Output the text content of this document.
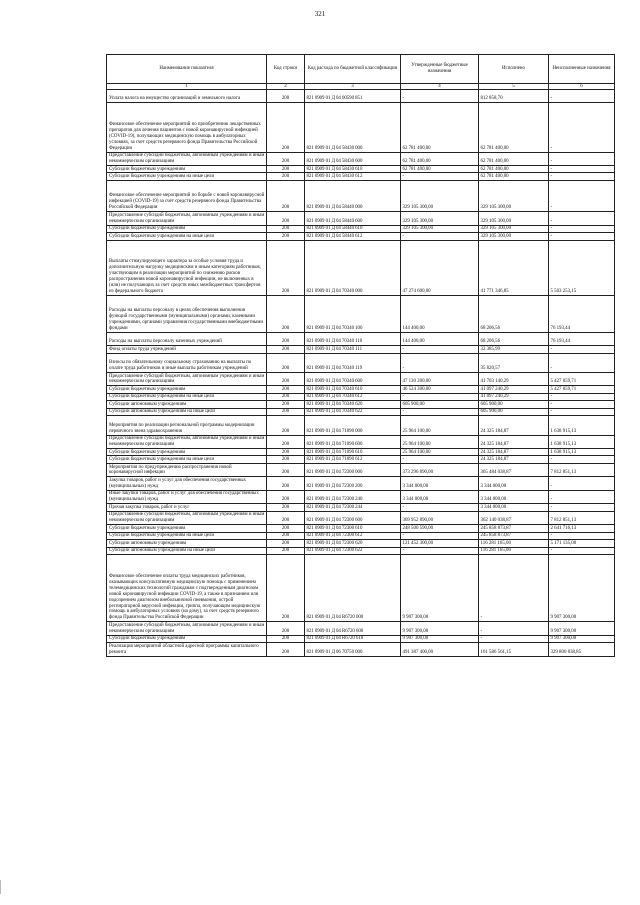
321
Наименование показателя	Код строки	Код расхода по бюджетной классификации	Утвержденные бюджетные назначения	Исполнено	Неисполненные назначения
1	2	3	4	5	6
Уплата налога на имущество организаций и земельного налога	200	821 0909 01 Д 04 00590 851	-	812 858,70	-
Финансовое обеспечение мероприятий по приобретению лекарственных препаратов для лечения пациентов с новой коронавирусной инфекцией (COVID-19), получающих медицинскую помощь в амбулаторных условиях, за счет средств резервного фонда Правительства Российской Федерации	200	821 0909 01 Д 04 58430 000	62 781 400,00	62 781 400,00	-
Предоставление субсидий бюджетным, автономным учреждениям и иным некоммерческим организациям	200	821 0909 01 Д 04 58430 600	62 781 400,00	62 781 400,00	-
Субсидии бюджетным учреждениям	200	821 0909 01 Д 04 58430 610	62 781 400,00	62 781 400,00	-
Субсидии бюджетным учреждениям на иные цели	200	821 0909 01 Д 04 58430 612	-	62 781 400,00	-
Финансовое обеспечение мероприятий по борьбе с новой коронавирусной инфекцией (COVID-19) за счет средств резервного фонда Правительства Российской Федерации	200	821 0909 01 Д 04 58440 000	329 105 300,00	329 105 300,00	-
Предоставление субсидий бюджетным, автономным учреждениям и иным некоммерческим организациям	200	821 0909 01 Д 04 58440 600	329 105 300,00	329 105 300,00	-
Субсидии бюджетным учреждениям	200	821 0909 01 Д 04 58440 610	329 105 300,00	329 105 300,00	-
Субсидии бюджетным учреждениям на иные цели	200	821 0909 01 Д 04 58440 612	-	329 105 300,00	-
Выплаты стимулирующего характера за особые условия труда и дополнительную нагрузку медицинским и иным категориям работников, участвующим в реализации мероприятий по снижению рисков распространения новой коронавирусной инфекции, не включенных в (или) не получающих за счет средств иных межбюджетных трансфертов из федерального бюджета	200	821 0909 01 Д 04 70340 000	47 274 600,00	41 771 346,85	5 503 253,15
Расходы на выплаты персоналу в целях обеспечения выполнения функций государственными (муниципальными) органами, казенными учреждениями, органами управления государственными внебюджетными фондами	200	821 0909 01 Д 04 70340 100	144 400,00	68 206,56	76 193,44
Расходы на выплаты персоналу казенных учреждений	200	821 0909 01 Д 04 70340 110	144 400,00	68 206,56	76 193,44
Фонд оплаты труда учреждений	200	821 0909 01 Д 04 70340 111	-	32 385,99	-
Взносы по обязательному социальному страхованию на выплаты по оплате труда работников и иные выплаты работникам учреждений	200	821 0909 01 Д 04 70340 119	-	35 820,57	-
Предоставление субсидий бюджетным, автономным учреждениям и иным некоммерческим организациям	200	821 0909 01 Д 04 70340 600	47 130 200,00	41 703 140,29	5 427 059,71
Субсидии бюджетным учреждениям	200	821 0909 01 Д 04 70340 610	46 524 300,00	41 097 240,29	5 427 059,71
Субсидии бюджетным учреждениям на иные цели	200	821 0909 01 Д 04 70340 612	-	41 097 240,29	-
Субсидии автономным учреждениям	200	821 0909 01 Д 04 70340 620	605 900,00	605 900,00	-
Субсидии автономным учреждениям на иные цели	200	821 0909 01 Д 04 70340 622	-	605 900,00	-
Мероприятия по реализации региональной программы модернизации первичного звена здравоохранения	200	821 0909 01 Д 04 71090 000	25 964 100,00	24 325 184,87	1 638 915,13
Предоставление субсидий бюджетным, автономным учреждениям и иным некоммерческим организациям	200	821 0909 01 Д 04 71090 600	25 964 100,00	24 325 184,87	1 638 915,13
Субсидии бюджетным учреждениям	200	821 0909 01 Д 04 71090 610	25 964 100,00	24 325 184,87	1 638 915,13
Субсидии бюджетным учреждениям на иные цели	200	821 0909 01 Д 04 71090 612	-	24 325 184,87	-
Мероприятия по предупреждению распространения новой коронавирусной инфекции	200	821 0909 01 Д 04 72300 000	373 296 890,00	365 484 038,87	7 812 851,13
Закупка товаров, работ и услуг для обеспечения государственных (муниципальных) нужд	200	821 0909 01 Д 04 72300 200	3 344 000,00	3 344 000,00	-
Иные закупки товаров, работ и услуг для обеспечения государственных (муниципальных) нужд	200	821 0909 01 Д 04 72300 240	3 344 000,00	3 344 000,00	-
Прочая закупка товаров, работ и услуг	200	821 0909 01 Д 04 72300 244	-	3 344 000,00	-
Предоставление субсидий бюджетным, автономным учреждениям и иным некоммерческим организациям	200	821 0909 01 Д 04 72300 600	369 952 890,00	362 140 038,87	7 812 851,13
Субсидии бюджетным учреждениям	200	821 0909 01 Д 04 72300 610	248 500 590,00	245 858 873,87	2 641 716,13
Субсидии бюджетным учреждениям на иные цели	200	821 0909 01 Д 04 72300 612	-	245 858 873,87	-
Субсидии автономным учреждениям	200	821 0909 01 Д 04 72300 620	121 452 300,00	116 281 165,00	5 171 135,00
Субсидии автономным учреждениям на иные цели	200	821 0909 01 Д 04 72300 622	-	116 281 165,00	-
Финансовое обеспечение оплаты труда медицинских работников, оказывающих консультативную медицинскую помощь с применением телемедицинских технологий гражданам с подтвержденным диагнозом новой коронавирусной инфекции COVID-19, а также в признанием или подозрением диагнозом внебольничной пневмонии, острой респираторной вирусной инфекции, гриппа, получающим медицинскую помощь в амбулаторных условиях (на дому), за счет средств резервного фонда Правительства Российской Федерации	200	821 0909 01 Д 04 R6720 000	9 907 300,00	-	9 907 300,00
Предоставление субсидий бюджетным, автономным учреждениям и иным некоммерческим организациям	200	821 0909 01 Д 04 R6720 600	9 907 300,00	-	9 907 300,00
Субсидии бюджетным учреждениям	200	821 0909 01 Д 04 R6720 610	9 907 300,00	-	9 907 300,00
Реализация мероприятий областной адресной программы капитального ремонта	200	821 0909 01 Д 06 70750 000	491 387 400,00	161 586 561,15	329 800 838,85
